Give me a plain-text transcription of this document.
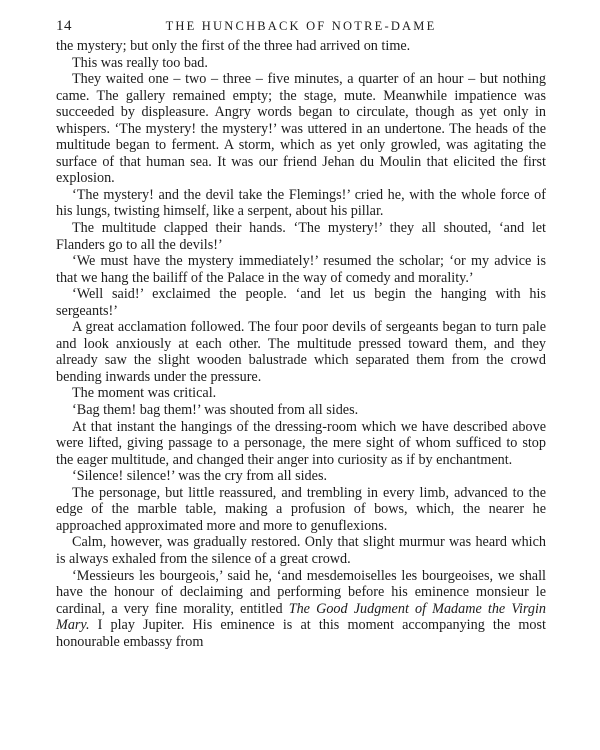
14	THE HUNCHBACK OF NOTRE-DAME

the mystery; but only the first of the three had arrived on time.

This was really too bad.

They waited one – two – three – five minutes, a quarter of an hour – but nothing came. The gallery remained empty; the stage, mute. Meanwhile impatience was succeeded by displeasure. Angry words began to circulate, though as yet only in whispers. ‘The mystery! the mystery!’ was uttered in an undertone. The heads of the multitude began to ferment. A storm, which as yet only growled, was agitating the surface of that human sea. It was our friend Jehan du Moulin that elicited the first explosion.

‘The mystery! and the devil take the Flemings!’ cried he, with the whole force of his lungs, twisting himself, like a serpent, about his pillar.

The multitude clapped their hands. ‘The mystery!’ they all shouted, ‘and let Flanders go to all the devils!’

‘We must have the mystery immediately!’ resumed the scholar; ‘or my advice is that we hang the bailiff of the Palace in the way of comedy and morality.’

‘Well said!’ exclaimed the people. ‘and let us begin the hanging with his sergeants!’

A great acclamation followed. The four poor devils of sergeants began to turn pale and look anxiously at each other. The multitude pressed toward them, and they already saw the slight wooden balustrade which separated them from the crowd bending inwards under the pressure.

The moment was critical.

‘Bag them! bag them!’ was shouted from all sides.

At that instant the hangings of the dressing-room which we have described above were lifted, giving passage to a personage, the mere sight of whom sufficed to stop the eager multitude, and changed their anger into curiosity as if by enchantment.

‘Silence! silence!’ was the cry from all sides.

The personage, but little reassured, and trembling in every limb, advanced to the edge of the marble table, making a profusion of bows, which, the nearer he approached approximated more and more to genuflexions.

Calm, however, was gradually restored. Only that slight murmur was heard which is always exhaled from the silence of a great crowd.

‘Messieurs les bourgeois,’ said he, ‘and mesdemoiselles les bourgeoises, we shall have the honour of declaiming and performing before his eminence monsieur le cardinal, a very fine morality, entitled The Good Judgment of Madame the Virgin Mary. I play Jupiter. His eminence is at this moment accompanying the most honourable embassy from
